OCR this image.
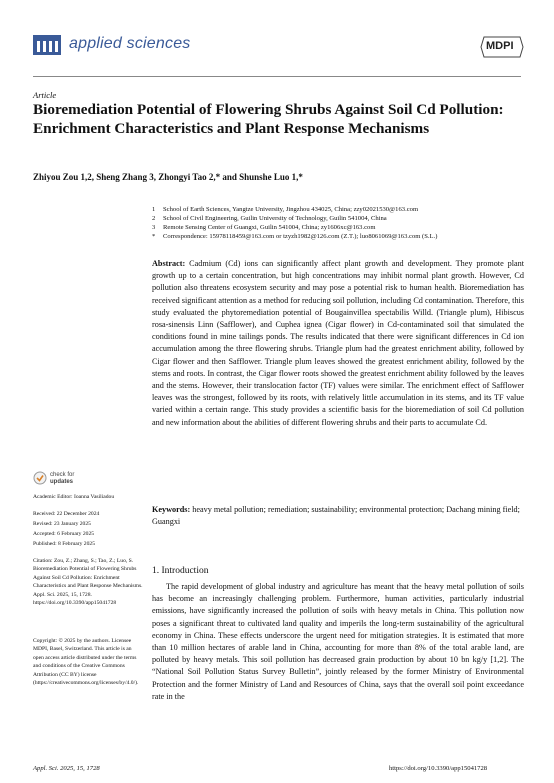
applied sciences	MDPI
Article
Bioremediation Potential of Flowering Shrubs Against Soil Cd Pollution: Enrichment Characteristics and Plant Response Mechanisms
Zhiyou Zou 1,2, Sheng Zhang 3, Zhongyi Tao 2,* and Shunshe Luo 1,*
1 School of Earth Sciences, Yangtze University, Jingzhou 434025, China; zzy02021530@163.com
2 School of Civil Engineering, Guilin University of Technology, Guilin 541004, China
3 Remote Sensing Center of Guangxi, Guilin 541004, China; zy1606xc@163.com
* Correspondence: 15978118459@163.com or tzyzh1982@126.com (Z.T.); luo8061069@163.com (S.L.)
Abstract: Cadmium (Cd) ions can significantly affect plant growth and development. They promote plant growth up to a certain concentration, but high concentrations may inhibit normal plant growth. However, Cd pollution also threatens ecosystem security and may pose a potential risk to human health. Bioremediation has received significant attention as a method for reducing soil pollution, including Cd contamination. Therefore, this study evaluated the phytoremediation potential of Bougainvillea spectabilis Willd. (Triangle plum), Hibiscus rosa-sinensis Linn (Safflower), and Cuphea ignea (Cigar flower) in Cd-contaminated soil that simulated the conditions found in mine tailings ponds. The results indicated that there were significant differences in Cd ion accumulation among the three flowering shrubs. Triangle plum had the greatest enrichment ability, followed by Cigar flower and then Safflower. Triangle plum leaves showed the greatest enrichment ability, followed by the stems and roots. In contrast, the Cigar flower roots showed the greatest enrichment ability followed by the leaves and the stems. However, their translocation factor (TF) values were similar. The enrichment effect of Safflower leaves was the strongest, followed by its roots, with relatively little accumulation in its stems, and its TF value varied within a certain range. This study provides a scientific basis for the bioremediation of soil Cd pollution and new information about the abilities of different flowering shrubs and their parts to accumulate Cd.
Keywords: heavy metal pollution; remediation; sustainability; environmental protection; Dachang mining field; Guangxi
check for
updates
Academic Editor: Ioanna Vasiliadou
Received: 22 December 2024
Revised: 23 January 2025
Accepted: 6 February 2025
Published: 8 February 2025
Citation: Zou, Z.; Zhang, S.; Tao, Z.; Luo, S. Bioremediation Potential of Flowering Shrubs Against Soil Cd Pollution: Enrichment Characteristics and Plant Response Mechanisms. Appl. Sci. 2025, 15, 1728. https://doi.org/10.3390/app15041728
Copyright: © 2025 by the authors. Licensee MDPI, Basel, Switzerland. This article is an open access article distributed under the terms and conditions of the Creative Commons Attribution (CC BY) license (https://creativecommons.org/licenses/by/4.0/).
1. Introduction
The rapid development of global industry and agriculture has meant that the heavy metal pollution of soils has become an increasingly challenging problem. Furthermore, human activities, particularly industrial emissions, have significantly increased the pollution of soils with heavy metals in China. This pollution now poses a significant threat to cultivated land quality and imperils the long-term sustainability of the agricultural economy in China. These effects underscore the urgent need for mitigation strategies. It is estimated that more than 10 million hectares of arable land in China, accounting for more than 8% of the total arable land, are polluted by heavy metals. This soil pollution has decreased grain production by about 10 bn kg/y [1,2]. The “National Soil Pollution Status Survey Bulletin”, jointly released by the former Ministry of Environmental Protection and the former Ministry of Land and Resources of China, says that the overall soil point exceedance rate in the
Appl. Sci. 2025, 15, 1728	https://doi.org/10.3390/app15041728
